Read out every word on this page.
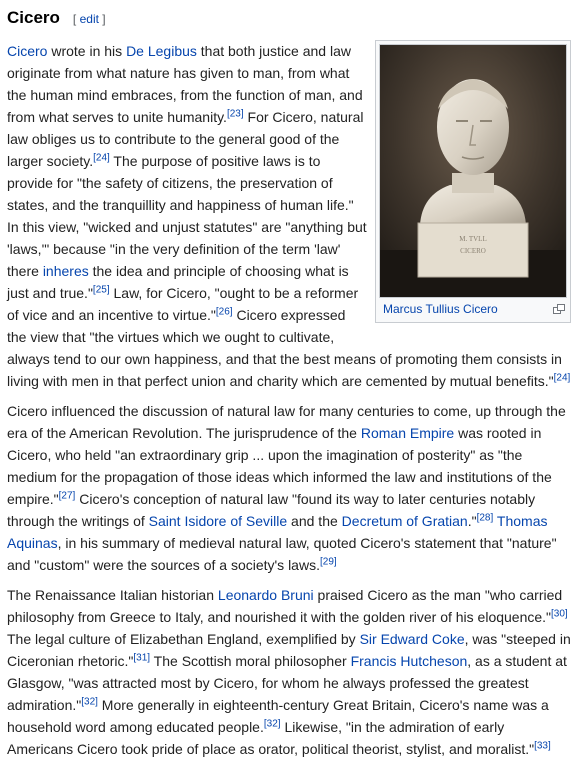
Cicero [ edit ]
M. TVLL
CICERO
Marcus Tullius Cicero

Cicero wrote in his De Legibus that both justice and law originate from what nature has given to man, from what the human mind embraces, from the function of man, and from what serves to unite humanity.[23] For Cicero, natural law obliges us to contribute to the general good of the larger society.[24] The purpose of positive laws is to provide for "the safety of citizens, the preservation of states, and the tranquillity and happiness of human life." In this view, "wicked and unjust statutes" are "anything but 'laws,'" because "in the very definition of the term 'law' there inheres the idea and principle of choosing what is just and true."[25] Law, for Cicero, "ought to be a reformer of vice and an incentive to virtue."[26] Cicero expressed the view that "the virtues which we ought to cultivate, always tend to our own happiness, and that the best means of promoting them consists in living with men in that perfect union and charity which are cemented by mutual benefits."[24]

Cicero influenced the discussion of natural law for many centuries to come, up through the era of the American Revolution. The jurisprudence of the Roman Empire was rooted in Cicero, who held "an extraordinary grip ... upon the imagination of posterity" as "the medium for the propagation of those ideas which informed the law and institutions of the empire."[27] Cicero's conception of natural law "found its way to later centuries notably through the writings of Saint Isidore of Seville and the Decretum of Gratian."[28] Thomas Aquinas, in his summary of medieval natural law, quoted Cicero's statement that "nature" and "custom" were the sources of a society's laws.[29]

The Renaissance Italian historian Leonardo Bruni praised Cicero as the man "who carried philosophy from Greece to Italy, and nourished it with the golden river of his eloquence."[30] The legal culture of Elizabethan England, exemplified by Sir Edward Coke, was "steeped in Ciceronian rhetoric."[31] The Scottish moral philosopher Francis Hutcheson, as a student at Glasgow, "was attracted most by Cicero, for whom he always professed the greatest admiration."[32] More generally in eighteenth-century Great Britain, Cicero's name was a household word among educated people.[32] Likewise, "in the admiration of early Americans Cicero took pride of place as orator, political theorist, stylist, and moralist."[33]
